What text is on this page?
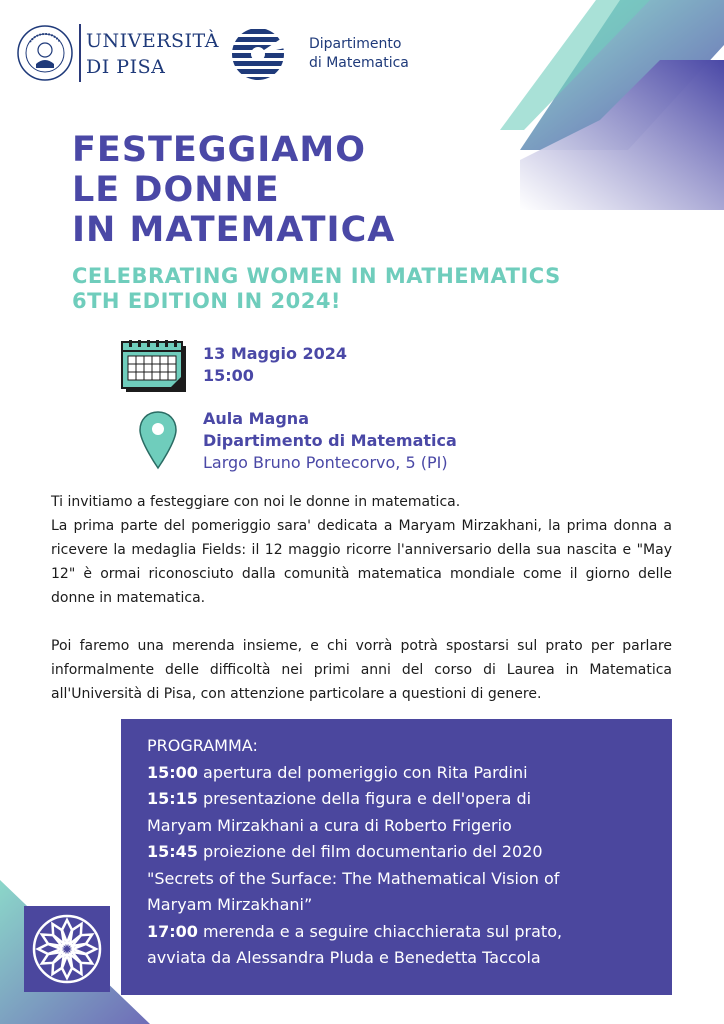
UNIVERSITÀ
DI PISA
Dipartimento
di Matematica
FESTEGGIAMO
LE DONNE
IN MATEMATICA
CELEBRATING WOMEN IN MATHEMATICS
6TH EDITION IN 2024!
13 Maggio 2024
15:00
Aula Magna
Dipartimento di Matematica
Largo Bruno Pontecorvo, 5 (PI)

Ti invitiamo a festeggiare con noi le donne in matematica.

La prima parte del pomeriggio sara' dedicata a Maryam Mirzakhani, la prima donna a ricevere la medaglia Fields: il 12 maggio ricorre l'anniversario della sua nascita e "May 12" è ormai riconosciuto dalla comunità matematica mondiale come il giorno delle donne in matematica.

Poi faremo una merenda insieme, e chi vorrà potrà spostarsi sul prato per parlare informalmente delle difficoltà nei primi anni del corso di Laurea in Matematica all'Università di Pisa, con attenzione particolare a questioni di genere.

PROGRAMMA:
15:00 apertura del pomeriggio con Rita Pardini
15:15 presentazione della figura e dell'opera di
Maryam Mirzakhani a cura di Roberto Frigerio
15:45 proiezione del film documentario del 2020
"Secrets of the Surface: The Mathematical Vision of
Maryam Mirzakhani”
17:00 merenda e a seguire chiacchierata sul prato,
avviata da Alessandra Pluda e Benedetta Taccola
